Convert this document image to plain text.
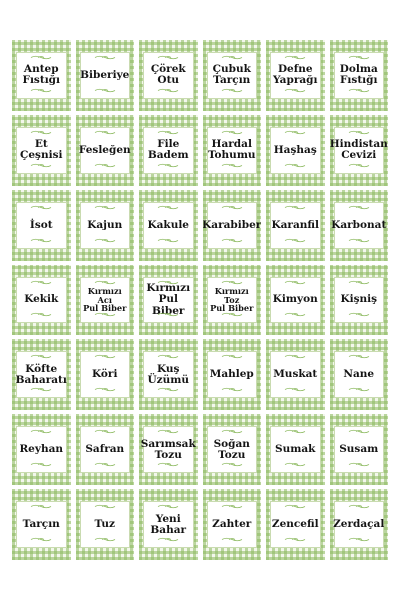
Antep
Fıstığı Biberiye	Çörek Otu
Çubuk
Tarçın
Defne
Yaprağı
Dolma
Fıstığı
Et Çeşnisi Fesleğen	File Badem
Hardal
Tohumu Haşhaş Hindistan
Cevizi
İsot	Kajun Kakule Karabiber Karanfil Karbonat
Kekik
Kırmızı Acı
Pul Biber
Kırmızı
Pul Biber
Kırmızı Toz
Pul Biber
Kimyon Kişniş
Köfte
Baharatı Köri	Kuş
Üzümü Mahlep Muskat Nane
Reyhan Safran Sarımsak
Tozu
Soğan
Tozu	Sumak Susam
Tarçın	Tuz	Yeni
Bahar Zahter Zencefil Zerdaçal
